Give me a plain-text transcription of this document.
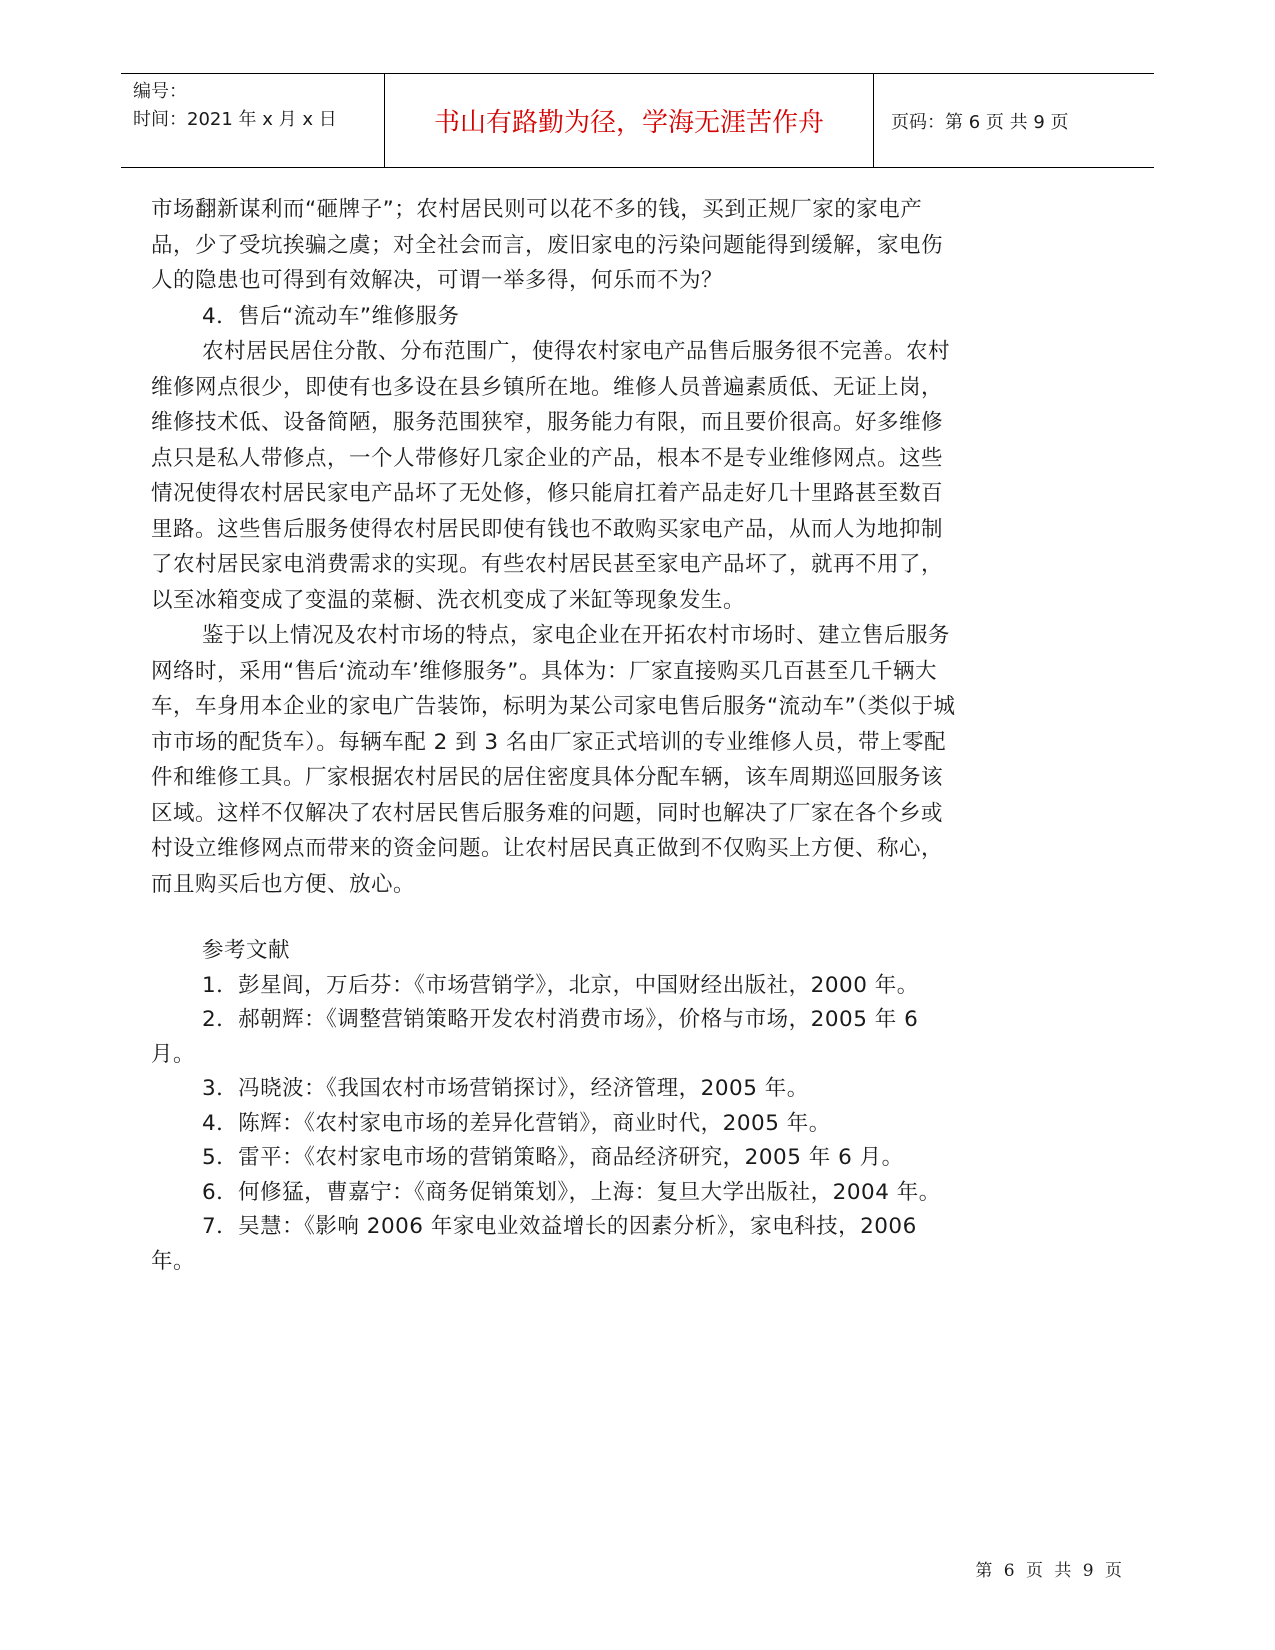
编号：
时间：2021 年 x 月 x 日	书山有路勤为径，学海无涯苦作舟	页码：第 6 页 共 9 页

市场翻新谋利而“砸牌子”；农村居民则可以花不多的钱，买到正规厂家的家电产品，少了受坑挨骗之虞；对全社会而言，废旧家电的污染问题能得到缓解，家电伤人的隐患也可得到有效解决，可谓一举多得，何乐而不为？

4．售后“流动车”维修服务

农村居民居住分散、分布范围广，使得农村家电产品售后服务很不完善。农村维修网点很少，即使有也多设在县乡镇所在地。维修人员普遍素质低、无证上岗，维修技术低、设备简陋，服务范围狭窄，服务能力有限，而且要价很高。好多维修点只是私人带修点，一个人带修好几家企业的产品，根本不是专业维修网点。这些情况使得农村居民家电产品坏了无处修，修只能肩扛着产品走好几十里路甚至数百里路。这些售后服务使得农村居民即使有钱也不敢购买家电产品，从而人为地抑制了农村居民家电消费需求的实现。有些农村居民甚至家电产品坏了，就再不用了，以至冰箱变成了变温的菜橱、洗衣机变成了米缸等现象发生。

鉴于以上情况及农村市场的特点，家电企业在开拓农村市场时、建立售后服务网络时，采用“售后‘流动车’维修服务”。具体为：厂家直接购买几百甚至几千辆大车，车身用本企业的家电广告装饰，标明为某公司家电售后服务“流动车”（类似于城市市场的配货车）。每辆车配 2 到 3 名由厂家正式培训的专业维修人员，带上零配件和维修工具。厂家根据农村居民的居住密度具体分配车辆，该车周期巡回服务该区域。这样不仅解决了农村居民售后服务难的问题，同时也解决了厂家在各个乡或村设立维修网点而带来的资金问题。让农村居民真正做到不仅购买上方便、称心，而且购买后也方便、放心。

参考文献

1．彭星闾，万后芬：《市场营销学》，北京，中国财经出版社，2000 年。

2．郝朝辉：《调整营销策略开发农村消费市场》，价格与市场，2005 年 6 月。

3．冯晓波：《我国农村市场营销探讨》，经济管理，2005 年。

4．陈辉：《农村家电市场的差异化营销》，商业时代，2005 年。

5．雷平：《农村家电市场的营销策略》，商品经济研究，2005 年 6 月。

6．何修猛，曹嘉宁：《商务促销策划》，上海：复旦大学出版社，2004 年。

7．吴慧：《影响 2006 年家电业效益增长的因素分析》，家电科技，2006 年。

第 6 页 共 9 页
